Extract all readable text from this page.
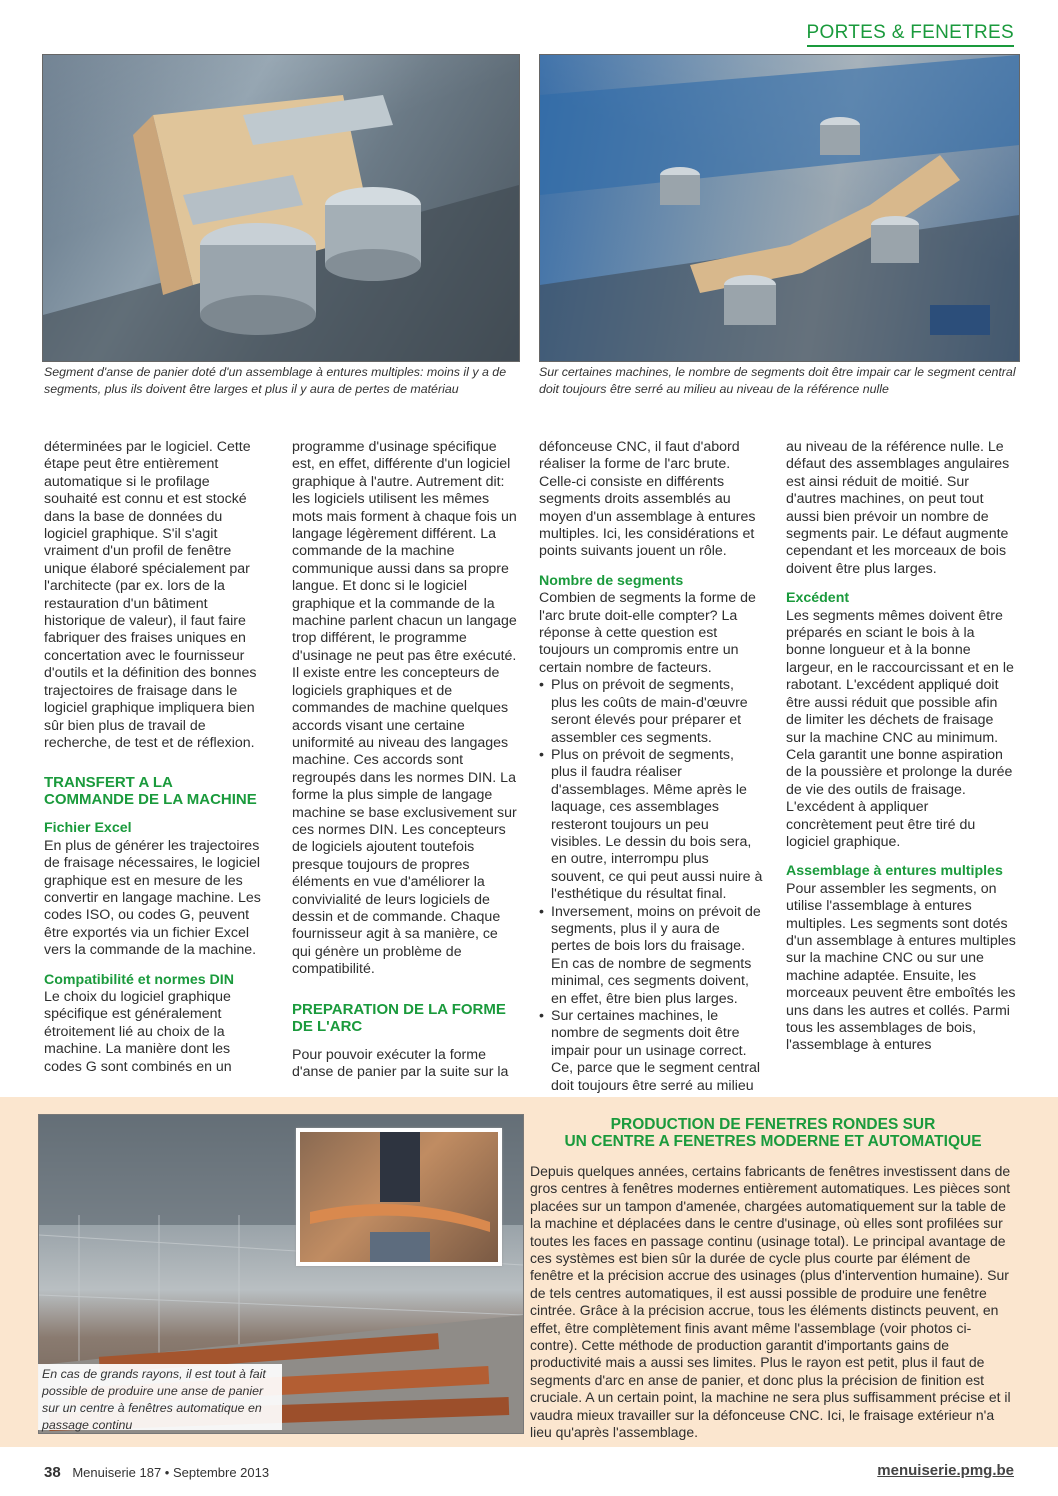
PORTES & FENETRES
Segment d'anse de panier doté d'un assemblage à entures multiples: moins il y a de segments, plus ils doivent être larges et plus il y aura de pertes de matériau
Sur certaines machines, le nombre de segments doit être impair car le segment central doit toujours être serré au milieu au niveau de la référence nulle

déterminées par le logiciel. Cette étape peut être entièrement automatique si le profilage souhaité est connu et est stocké dans la base de données du logiciel graphique. S'il s'agit vraiment d'un profil de fenêtre unique élaboré spécialement par l'architecte (par ex. lors de la restauration d'un bâtiment historique de valeur), il faut faire fabriquer des fraises uniques en concertation avec le fournisseur d'outils et la définition des bonnes trajectoires de fraisage dans le logiciel graphique impliquera bien sûr bien plus de travail de recherche, de test et de réflexion.

TRANSFERT A LA COMMANDE DE LA MACHINE
Fichier Excel

En plus de générer les trajectoires de fraisage nécessaires, le logiciel graphique est en mesure de les convertir en langage machine. Les codes ISO, ou codes G, peuvent être exportés via un fichier Excel vers la commande de la machine.

Compatibilité et normes DIN

Le choix du logiciel graphique spécifique est généralement étroitement lié au choix de la machine. La manière dont les codes G sont combinés en un

programme d'usinage spécifique est, en effet, différente d'un logiciel graphique à l'autre. Autrement dit: les logiciels utilisent les mêmes mots mais forment à chaque fois un langage légèrement différent. La commande de la machine communique aussi dans sa propre langue. Et donc si le logiciel graphique et la commande de la machine parlent chacun un langage trop différent, le programme d'usinage ne peut pas être exécuté. Il existe entre les concepteurs de logiciels graphiques et de commandes de machine quelques accords visant une certaine uniformité au niveau des langages machine. Ces accords sont regroupés dans les normes DIN. La forme la plus simple de langage machine se base exclusivement sur ces normes DIN. Les concepteurs de logiciels ajoutent toutefois presque toujours de propres éléments en vue d'améliorer la convivialité de leurs logiciels de dessin et de commande. Chaque fournisseur agit à sa manière, ce qui génère un problème de compatibilité.

PREPARATION DE LA FORME DE L'ARC

Pour pouvoir exécuter la forme d'anse de panier par la suite sur la

défonceuse CNC, il faut d'abord réaliser la forme de l'arc brute. Celle-ci consiste en différents segments droits assemblés au moyen d'un assemblage à entures multiples. Ici, les considérations et points suivants jouent un rôle.

Nombre de segments

Combien de segments la forme de l'arc brute doit-elle compter? La réponse à cette question est toujours un compromis entre un certain nombre de facteurs.

• Plus on prévoit de segments, plus les coûts de main-d'œuvre seront élevés pour préparer et assembler ces segments.
• Plus on prévoit de segments, plus il faudra réaliser d'assemblages. Même après le laquage, ces assemblages resteront toujours un peu visibles. Le dessin du bois sera, en outre, interrompu plus souvent, ce qui peut aussi nuire à l'esthétique du résultat final.
• Inversement, moins on prévoit de segments, plus il y aura de pertes de bois lors du fraisage. En cas de nombre de segments minimal, ces segments doivent, en effet, être bien plus larges.
• Sur certaines machines, le nombre de segments doit être impair pour un usinage correct. Ce, parce que le segment central doit toujours être serré au milieu

au niveau de la référence nulle. Le défaut des assemblages angulaires est ainsi réduit de moitié. Sur d'autres machines, on peut tout aussi bien prévoir un nombre de segments pair. Le défaut augmente cependant et les morceaux de bois doivent être plus larges.

Excédent

Les segments mêmes doivent être préparés en sciant le bois à la bonne longueur et à la bonne largeur, en le raccourcissant et en le rabotant. L'excédent appliqué doit être aussi réduit que possible afin de limiter les déchets de fraisage sur la machine CNC au minimum. Cela garantit une bonne aspiration de la poussière et prolonge la durée de vie des outils de fraisage. L'excédent à appliquer concrètement peut être tiré du logiciel graphique.

Assemblage à entures multiples

Pour assembler les segments, on utilise l'assemblage à entures multiples. Les segments sont dotés d'un assemblage à entures multiples sur la machine CNC ou sur une machine adaptée. Ensuite, les morceaux peuvent être emboîtés les uns dans les autres et collés. Parmi tous les assemblages de bois, l'assemblage à entures

En cas de grands rayons, il est tout à fait possible de produire une anse de panier sur un centre à fenêtres automatique en passage continu
PRODUCTION DE FENETRES RONDES SUR
UN CENTRE A FENETRES MODERNE ET AUTOMATIQUE
Depuis quelques années, certains fabricants de fenêtres investissent dans de gros centres à fenêtres modernes entièrement automatiques. Les pièces sont placées sur un tampon d'amenée, chargées automatiquement sur la table de la machine et déplacées dans le centre d'usinage, où elles sont profilées sur toutes les faces en passage continu (usinage total). Le principal avantage de ces systèmes est bien sûr la durée de cycle plus courte par élément de fenêtre et la précision accrue des usinages (plus d'intervention humaine). Sur de tels centres automatiques, il est aussi possible de produire une fenêtre cintrée. Grâce à la précision accrue, tous les éléments distincts peuvent, en effet, être complètement finis avant même l'assemblage (voir photos ci-contre). Cette méthode de production garantit d'importants gains de productivité mais a aussi ses limites. Plus le rayon est petit, plus il faut de segments d'arc en anse de panier, et donc plus la précision de finition est cruciale. A un certain point, la machine ne sera plus suffisamment précise et il vaudra mieux travailler sur la défonceuse CNC. Ici, le fraisage extérieur n'a lieu qu'après l'assemblage.
38 Menuiserie 187 • Septembre 2013	menuiserie.pmg.be
